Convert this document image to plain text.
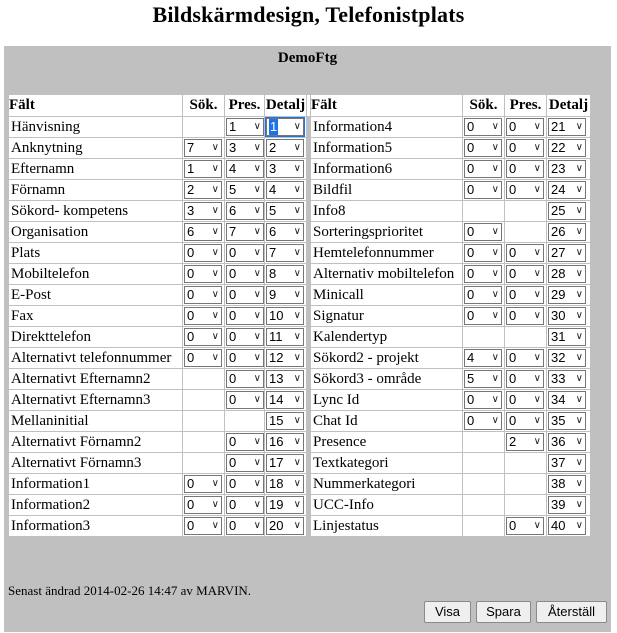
Bildskärmdesign, Telefonistplats
DemoFtg
Fält	Sök.	Pres.	Detalj		Fält	Sök.	Pres.	Detalj
Hänvisning		1 ∨	1 ∨		Information4	0 ∨	0 ∨	21 ∨

Anknytning	7 ∨	3 ∨	2 ∨		Information5	0 ∨	0 ∨	22 ∨

Efternamn	1 ∨	4 ∨	3 ∨		Information6	0 ∨	0 ∨	23 ∨

Förnamn	2 ∨	5 ∨	4 ∨		Bildfil	0 ∨	0 ∨	24 ∨

Sökord- kompetens	3 ∨	6 ∨	5 ∨		Info8			25 ∨

Organisation	6 ∨	7 ∨	6 ∨		Sorteringsprioritet	0 ∨		26 ∨

Plats	0 ∨	0 ∨	7 ∨		Hemtelefonnummer	0 ∨	0 ∨	27 ∨

Mobiltelefon	0 ∨	0 ∨	8 ∨		Alternativ mobiltelefon	0 ∨	0 ∨	28 ∨

E-Post	0 ∨	0 ∨	9 ∨		Minicall	0 ∨	0 ∨	29 ∨

Fax	0 ∨	0 ∨	10 ∨		Signatur	0 ∨	0 ∨	30 ∨

Direkttelefon	0 ∨	0 ∨	11 ∨		Kalendertyp			31 ∨

Alternativt telefonnummer	0 ∨	0 ∨	12 ∨		Sökord2 - projekt	4 ∨	0 ∨	32 ∨

Alternativt Efternamn2		0 ∨	13 ∨		Sökord3 - område	5 ∨	0 ∨	33 ∨

Alternativt Efternamn3		0 ∨	14 ∨		Lync Id	0 ∨	0 ∨	34 ∨

Mellaninitial			15 ∨		Chat Id	0 ∨	0 ∨	35 ∨

Alternativt Förnamn2		0 ∨	16 ∨		Presence		2 ∨	36 ∨

Alternativt Förnamn3		0 ∨	17 ∨		Textkategori			37 ∨

Information1	0 ∨	0 ∨	18 ∨		Nummerkategori			38 ∨

Information2	0 ∨	0 ∨	19 ∨		UCC-Info			39 ∨

Information3	0 ∨	0 ∨	20 ∨		Linjestatus		0 ∨	40 ∨
Senast ändrad 2014-02-26 14:47 av MARVIN.
Visa	Spara	Återställ
